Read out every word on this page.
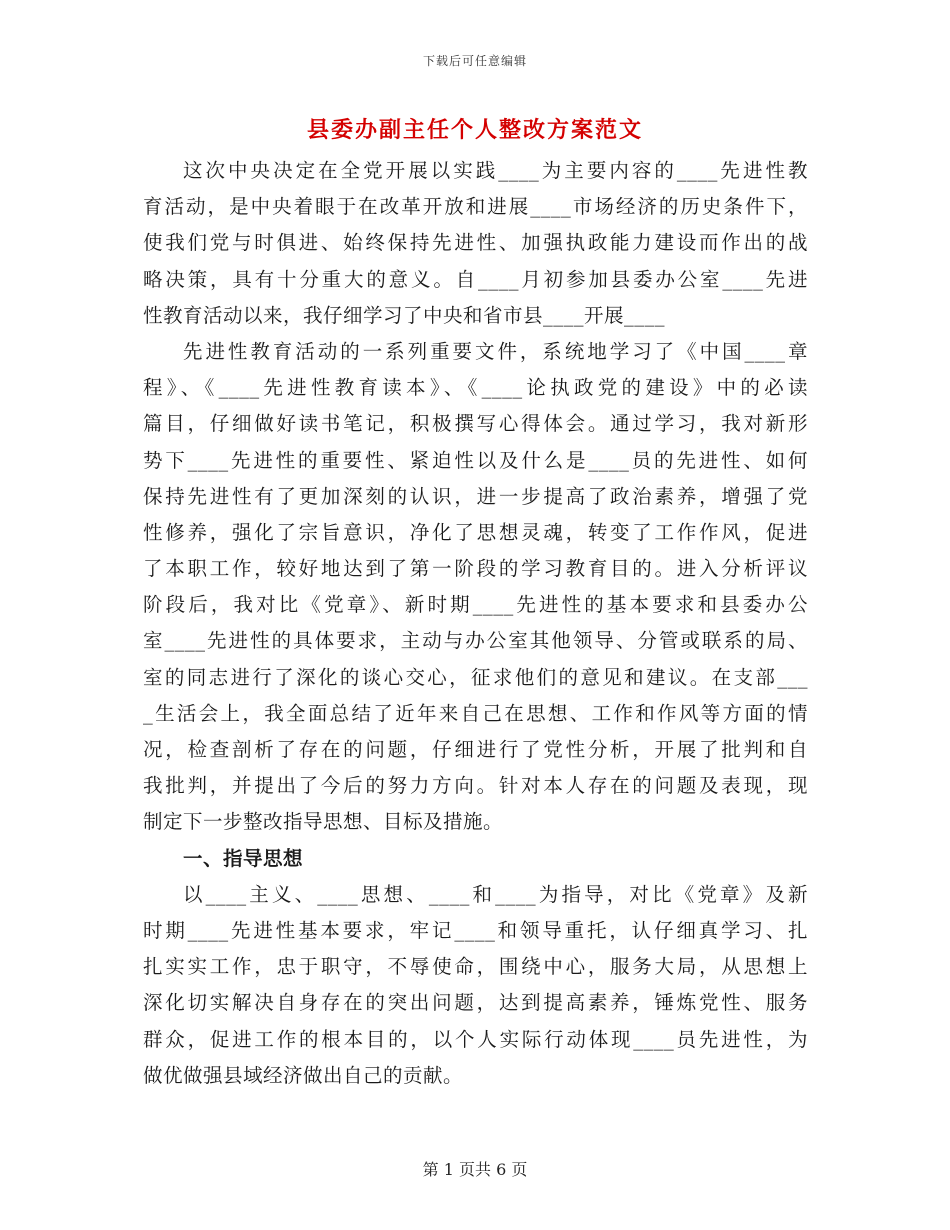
下载后可任意编辑
县委办副主任个人整改方案范文
这次中央决定在全党开展以实践____为主要内容的____先进性教
育活动，是中央着眼于在改革开放和进展____市场经济的历史条件下，
使我们党与时俱进、始终保持先进性、加强执政能力建设而作出的战
略决策，具有十分重大的意义。自____月初参加县委办公室____先进
性教育活动以来，我仔细学习了中央和省市县____开展____
先进性教育活动的一系列重要文件，系统地学习了《中国____章
程》、《____先进性教育读本》、《____论执政党的建设》中的必读
篇目，仔细做好读书笔记，积极撰写心得体会。通过学习，我对新形
势下____先进性的重要性、紧迫性以及什么是____员的先进性、如何
保持先进性有了更加深刻的认识，进一步提高了政治素养，增强了党
性修养，强化了宗旨意识，净化了思想灵魂，转变了工作作风，促进
了本职工作，较好地达到了第一阶段的学习教育目的。进入分析评议
阶段后，我对比《党章》、新时期____先进性的基本要求和县委办公
室____先进性的具体要求，主动与办公室其他领导、分管或联系的局、
室的同志进行了深化的谈心交心，征求他们的意见和建议。在支部___
_生活会上，我全面总结了近年来自己在思想、工作和作风等方面的情
况，检查剖析了存在的问题，仔细进行了党性分析，开展了批判和自
我批判，并提出了今后的努力方向。针对本人存在的问题及表现，现
制定下一步整改指导思想、目标及措施。
一、指导思想
以____主义、____思想、____和____为指导，对比《党章》及新
时期____先进性基本要求，牢记____和领导重托，认仔细真学习、扎
扎实实工作，忠于职守，不辱使命，围绕中心，服务大局，从思想上
深化切实解决自身存在的突出问题，达到提高素养，锤炼党性、服务
群众，促进工作的根本目的，以个人实际行动体现____员先进性，为
做优做强县域经济做出自己的贡献。
第 1 页共 6 页
